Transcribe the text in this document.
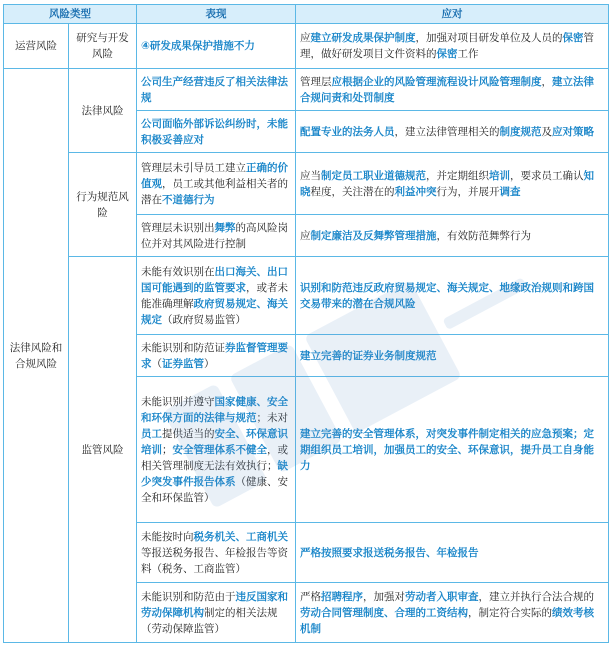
风险类型		表现	应对
运营风险	研究与开发风险	④研发成果保护措施不力	应建立研发成果保护制度，加强对项目研发单位及人员的保密管理，做好研发项目文件资料的保密工作
法律风险和合规风险	法律风险	公司生产经营违反了相关法律法规	管理层应根据企业的风险管理流程设计风险管理制度，建立法律合规问责和处罚制度
		公司面临外部诉讼纠纷时，未能积极妥善应对	配置专业的法务人员，建立法律管理相关的制度规范及应对策略
	行为规范风险	管理层未引导员工建立正确的价值观，员工或其他利益相关者的潜在不道德行为	应当制定员工职业道德规范，并定期组织培训，要求员工确认知晓程度，关注潜在的利益冲突行为，并展开调查
		管理层未识别出舞弊的高风险岗位并对其风险进行控制	应制定廉洁及反舞弊管理措施，有效防范舞弊行为
	监管风险	未能有效识别在出口海关、出口国可能遇到的监管要求，或者未能准确理解政府贸易规定、海关规定（政府贸易监管）	识别和防范违反政府贸易规定、海关规定、地缘政治规则和跨国交易带来的潜在合规风险
		未能识别和防范证券监督管理要求（证券监管）	建立完善的证券业务制度规范
		未能识别并遵守国家健康、安全和环保方面的法律与规范；未对员工提供适当的安全、环保意识培训；安全管理体系不健全，或相关管理制度无法有效执行；缺少突发事件报告体系（健康、安全和环保监管）	建立完善的安全管理体系，对突发事件制定相关的应急预案；定期组织员工培训，加强员工的安全、环保意识，提升员工自身能力
		未能按时向税务机关、工商机关等报送税务报告、年检报告等资料（税务、工商监管）	严格按照要求报送税务报告、年检报告
		未能识别和防范由于违反国家和劳动保障机构制定的相关法规（劳动保障监管）	严格招聘程序，加强对劳动者入职审查，建立并执行合法合规的劳动合同管理制度、合理的工资结构，制定符合实际的绩效考核机制
